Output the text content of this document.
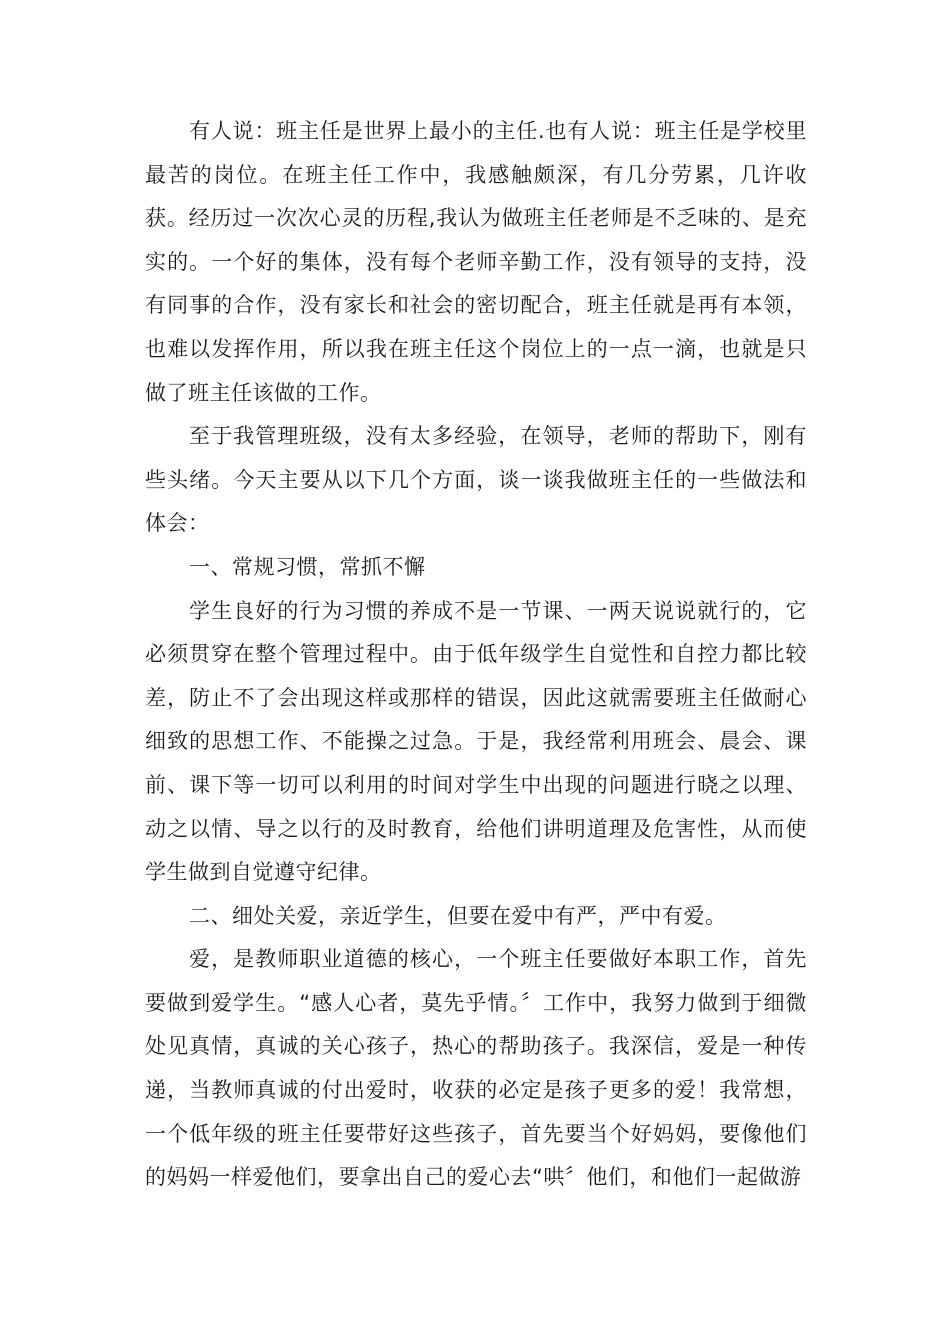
有人说：班主任是世界上最小的主任.也有人说：班主任是学校里最苦的岗位。在班主任工作中，我感触颇深，有几分劳累，几许收获。经历过一次次心灵的历程,我认为做班主任老师是不乏味的、是充实的。一个好的集体，没有每个老师辛勤工作，没有领导的支持，没有同事的合作，没有家长和社会的密切配合，班主任就是再有本领，也难以发挥作用，所以我在班主任这个岗位上的一点一滴，也就是只做了班主任该做的工作。

至于我管理班级，没有太多经验，在领导，老师的帮助下，刚有些头绪。今天主要从以下几个方面，谈一谈我做班主任的一些做法和体会：

一、常规习惯，常抓不懈

学生良好的行为习惯的养成不是一节课、一两天说说就行的，它必须贯穿在整个管理过程中。由于低年级学生自觉性和自控力都比较差，防止不了会出现这样或那样的错误，因此这就需要班主任做耐心细致的思想工作、不能操之过急。于是，我经常利用班会、晨会、课前、课下等一切可以利用的时间对学生中出现的问题进行晓之以理、动之以情、导之以行的及时教育，给他们讲明道理及危害性，从而使学生做到自觉遵守纪律。

二、细处关爱，亲近学生，但要在爱中有严，严中有爱。

爱，是教师职业道德的核心，一个班主任要做好本职工作，首先要做到爱学生。“感人心者，莫先乎情。〞工作中，我努力做到于细微处见真情，真诚的关心孩子，热心的帮助孩子。我深信，爱是一种传递，当教师真诚的付出爱时，收获的必定是孩子更多的爱！我常想，一个低年级的班主任要带好这些孩子，首先要当个好妈妈，要像他们的妈妈一样爱他们，要拿出自己的爱心去“哄〞他们，和他们一起做游
